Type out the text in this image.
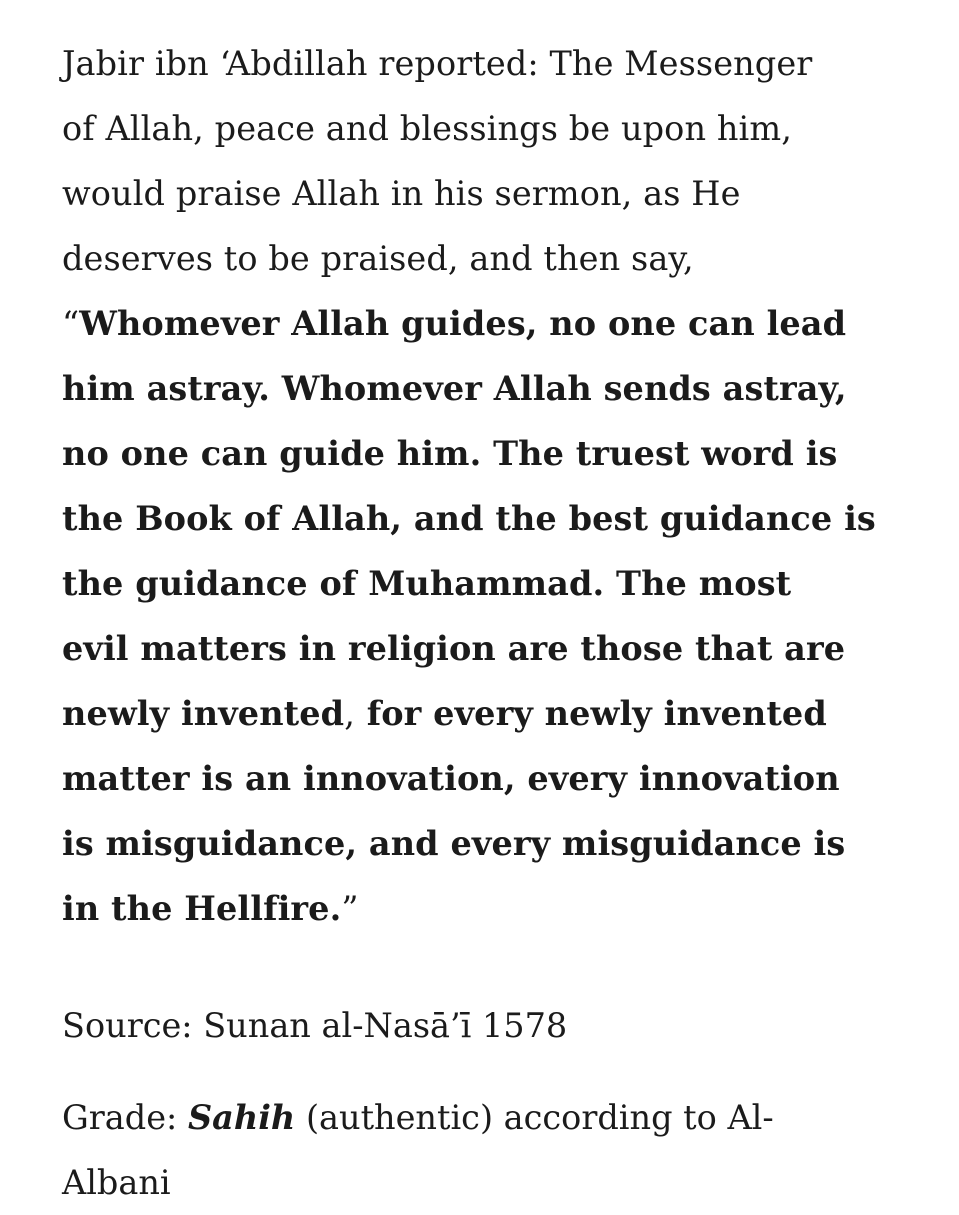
Jabir ibn ‘Abdillah reported: The Messenger
of Allah, peace and blessings be upon him,
would praise Allah in his sermon, as He
deserves to be praised, and then say,
“Whomever Allah guides, no one can lead
him astray. Whomever Allah sends astray,
no one can guide him. The truest word is
the Book of Allah, and the best guidance is
the guidance of Muhammad. The most
evil matters in religion are those that are
newly invented, for every newly invented
matter is an innovation, every innovation
is misguidance, and every misguidance is
in the Hellfire.”

Source: Sunan al-Nasā’ī 1578

Grade: Sahih (authentic) according to Al-
Albani
